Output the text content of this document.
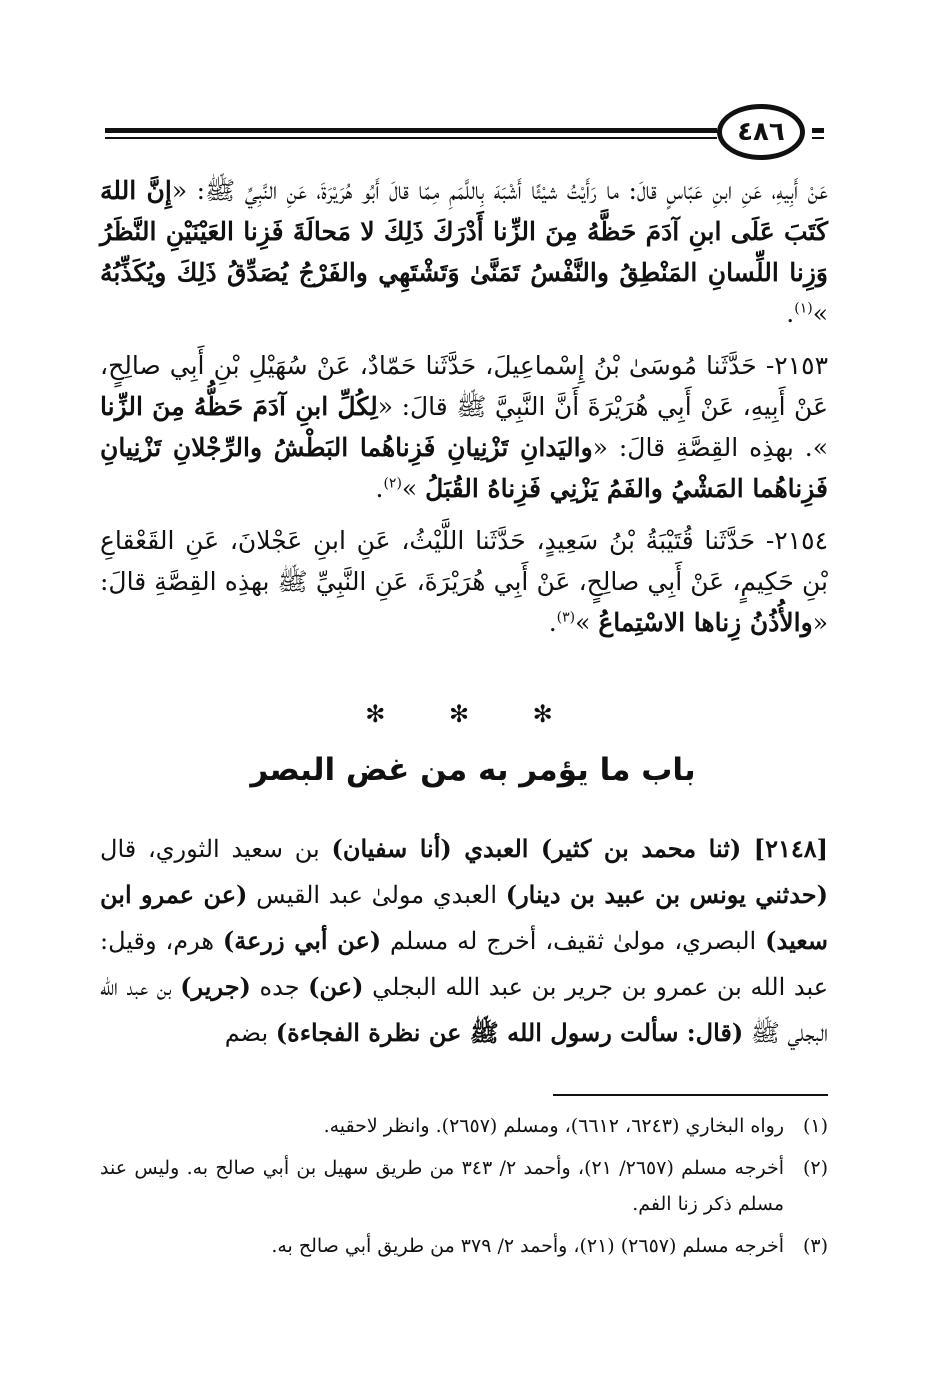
٤٨٦

عَنْ أَبِيهِ، عَنِ ابنِ عَبّاسٍ قالَ: ما رَأَيْتُ شيْئًا أَشْبَهَ بِاللَّمَمِ مِمّا قالَ أَبُو هُرَيْرَةَ، عَنِ النَّبِيِّ ﷺ: «إِنَّ اللهَ كَتَبَ عَلَى ابنِ آدَمَ حَظَّهُ مِنَ الزِّنا أَدْرَكَ ذَلِكَ لا مَحالَةَ فَزِنا العَيْنَيْنِ النَّظَرُ وَزِنا اللِّسانِ المَنْطِقُ والنَّفْسُ تَمَنَّىٰ وَتَشْتَهِي والفَرْجُ يُصَدِّقُ ذَلِكَ ويُكَذِّبُهُ »$^{(١)}$.

٢١٥٣- حَدَّثَنا مُوسَىٰ بْنُ إِسْماعِيلَ، حَدَّثَنا حَمّادٌ، عَنْ سُهَيْلِ بْنِ أَبِي صالِحٍ، عَنْ أَبِيهِ، عَنْ أَبِي هُرَيْرَةَ أَنَّ النَّبِيَّ ﷺ قالَ: «لِكُلِّ ابنِ آدَمَ حَظُّهُ مِنَ الزِّنا ». بهذِه القِصَّةِ قالَ: «واليَدانِ تَزْنِيانِ فَزِناهُما البَطْشُ والرِّجْلانِ تَزْنِيانِ فَزِناهُما المَشْيُ والفَمُ يَزْنِي فَزِناهُ القُبَلُ »$^{(٢)}$.

٢١٥٤- حَدَّثَنا قُتَيْبَةُ بْنُ سَعِيدٍ، حَدَّثَنا اللَّيْثُ، عَنِ ابنِ عَجْلانَ، عَنِ القَعْقاعِ بْنِ حَكِيمٍ، عَنْ أَبِي صالِحٍ، عَنْ أَبِي هُرَيْرَةَ، عَنِ النَّبِيِّ ﷺ بهذِه القِصَّةِ قالَ: «والأُذُنُ زِناها الاسْتِماعُ »$^{(٣)}$.

✻ ✻ ✻
باب ما يؤمر به من غض البصر

[٢١٤٨] (ثنا محمد بن كثير) العبدي (أنا سفيان) بن سعيد الثوري، قال (حدثني يونس بن عبيد بن دينار) العبدي مولىٰ عبد القيس (عن عمرو ابن سعيد) البصري، مولىٰ ثقيف، أخرج له مسلم (عن أبي زرعة) هرم، وقيل: عبد الله بن عمرو بن جرير بن عبد الله البجلي (عن) جده (جرير) بن عبد الله البجلي ﷺ (قال: سألت رسول الله ﷺ عن نظرة الفجاءة) بضم

(١)
رواه البخاري (٦٢٤٣، ٦٦١٢)، ومسلم (٢٦٥٧). وانظر لاحقيه.
(٢)
أخرجه مسلم (٢٦٥٧/ ٢١)، وأحمد ٢/ ٣٤٣ من طريق سهيل بن أبي صالح به. وليس عند مسلم ذكر زنا الفم.
(٣)
أخرجه مسلم (٢٦٥٧) (٢١)، وأحمد ٢/ ٣٧٩ من طريق أبي صالح به.
